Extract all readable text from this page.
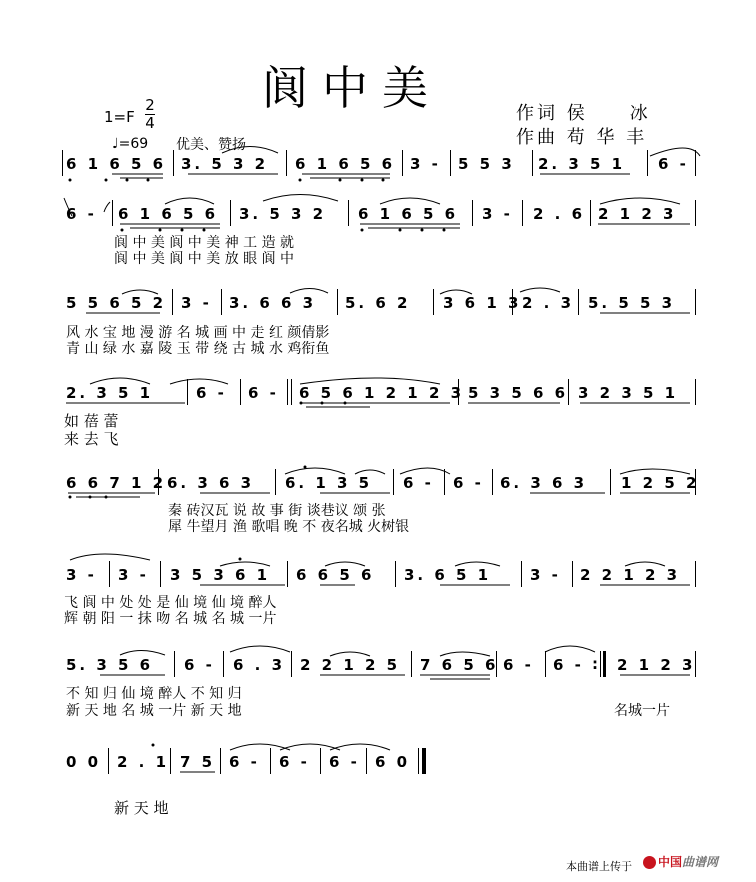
阆中美
1=F
2
4
♩=69 优美、赞扬
作词 侯　　冰
作曲 苟 华 丰
6 1 6 5 6 3. 5 3 2 6 1 6 5 6 3 - 5 5 3 2. 3 5 1 6 -
6 - 6 1 6 5 6 3. 5 3 2 6 1 6 5 6 3 - 2 . 6 2 1 2 3
阆 中 美 阆 中 美 神 工 造 就
阆 中 美 阆 中 美 放 眼 阆 中
5 5 6 5 2 3 - 3. 6 6 3 5. 6 2 3 6 1 3 2 . 3 5. 5 5 3
风 水 宝 地 漫 游 名 城 画 中 走 红 颜倩影
青 山 绿 水 嘉 陵 玉 带 绕 古 城 水 鸡衔鱼
2. 3 5 1	6 - 6 - 6 5 6 1 2 1 2 3 5 3 5 6 6 3 2 3 5 1
如 蓓 蕾
来 去 飞
6 6 7 1 2 6. 3 6 3 6. 1 3 5 6 - 6 - 6. 3 6 3 1 2 5 2
秦 砖汉瓦 说 故 事 街 谈巷议 颂 张
犀 牛望月 渔 歌唱 晚 不 夜名城 火树银
3 - 3 - 3 5 3 6 1 6 6 5 6 3. 6 5 1	3 - 2 2 1 2 3
飞 阆 中 处 处 是 仙 境 仙 境 醉人
辉 朝 阳 一 抹 吻 名 城 名 城 一片
5. 3 5 6 6 - 6 . 3 2 2 1 2 5 7 6 5 6 6 - 6 - : 2 1 2 3
不 知 归 仙 境 醉人 不 知 归
新 天 地 名 城 一片 新 天 地	名城一片
0 0 2 . 1 7 5 6 - 6 - 6 - 6 0
新 天 地
本曲谱上传于	中国曲谱网
